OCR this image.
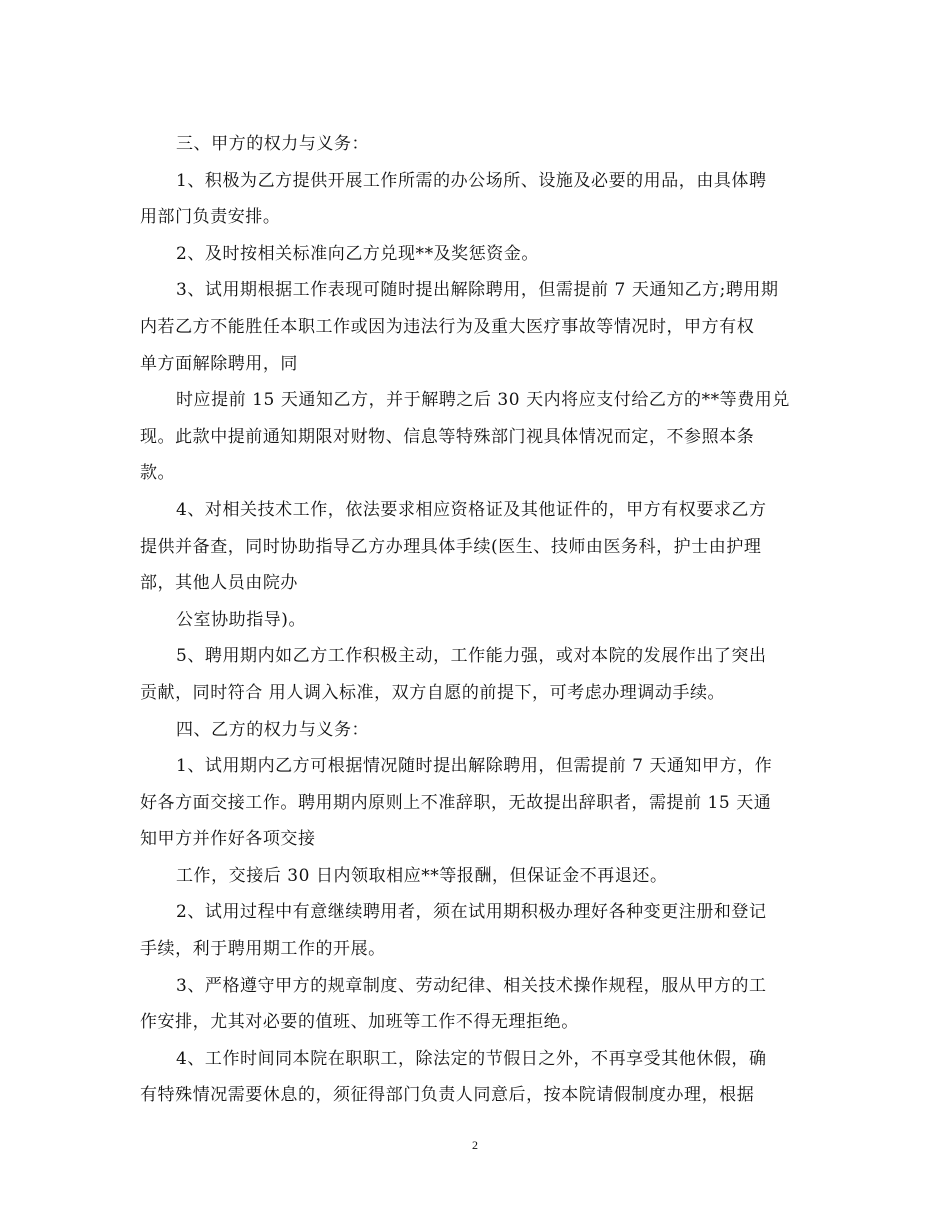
三、甲方的权力与义务：
1、积极为乙方提供开展工作所需的办公场所、设施及必要的用品，由具体聘
用部门负责安排。
2、及时按相关标准向乙方兑现**及奖惩资金。
3、试用期根据工作表现可随时提出解除聘用，但需提前 7 天通知乙方;聘用期
内若乙方不能胜任本职工作或因为违法行为及重大医疗事故等情况时，甲方有权
单方面解除聘用，同
时应提前 15 天通知乙方，并于解聘之后 30 天内将应支付给乙方的**等费用兑
现。此款中提前通知期限对财物、信息等特殊部门视具体情况而定，不参照本条
款。
4、对相关技术工作，依法要求相应资格证及其他证件的，甲方有权要求乙方
提供并备查，同时协助指导乙方办理具体手续(医生、技师由医务科，护士由护理
部，其他人员由院办
公室协助指导)。
5、聘用期内如乙方工作积极主动，工作能力强，或对本院的发展作出了突出
贡献，同时符合 用人调入标准，双方自愿的前提下，可考虑办理调动手续。
四、乙方的权力与义务：
1、试用期内乙方可根据情况随时提出解除聘用，但需提前 7 天通知甲方，作
好各方面交接工作。聘用期内原则上不准辞职，无故提出辞职者，需提前 15 天通
知甲方并作好各项交接
工作，交接后 30 日内领取相应**等报酬，但保证金不再退还。
2、试用过程中有意继续聘用者，须在试用期积极办理好各种变更注册和登记
手续，利于聘用期工作的开展。
3、严格遵守甲方的规章制度、劳动纪律、相关技术操作规程，服从甲方的工
作安排，尤其对必要的值班、加班等工作不得无理拒绝。
4、工作时间同本院在职职工，除法定的节假日之外，不再享受其他休假，确
有特殊情况需要休息的，须征得部门负责人同意后，按本院请假制度办理，根据
2
